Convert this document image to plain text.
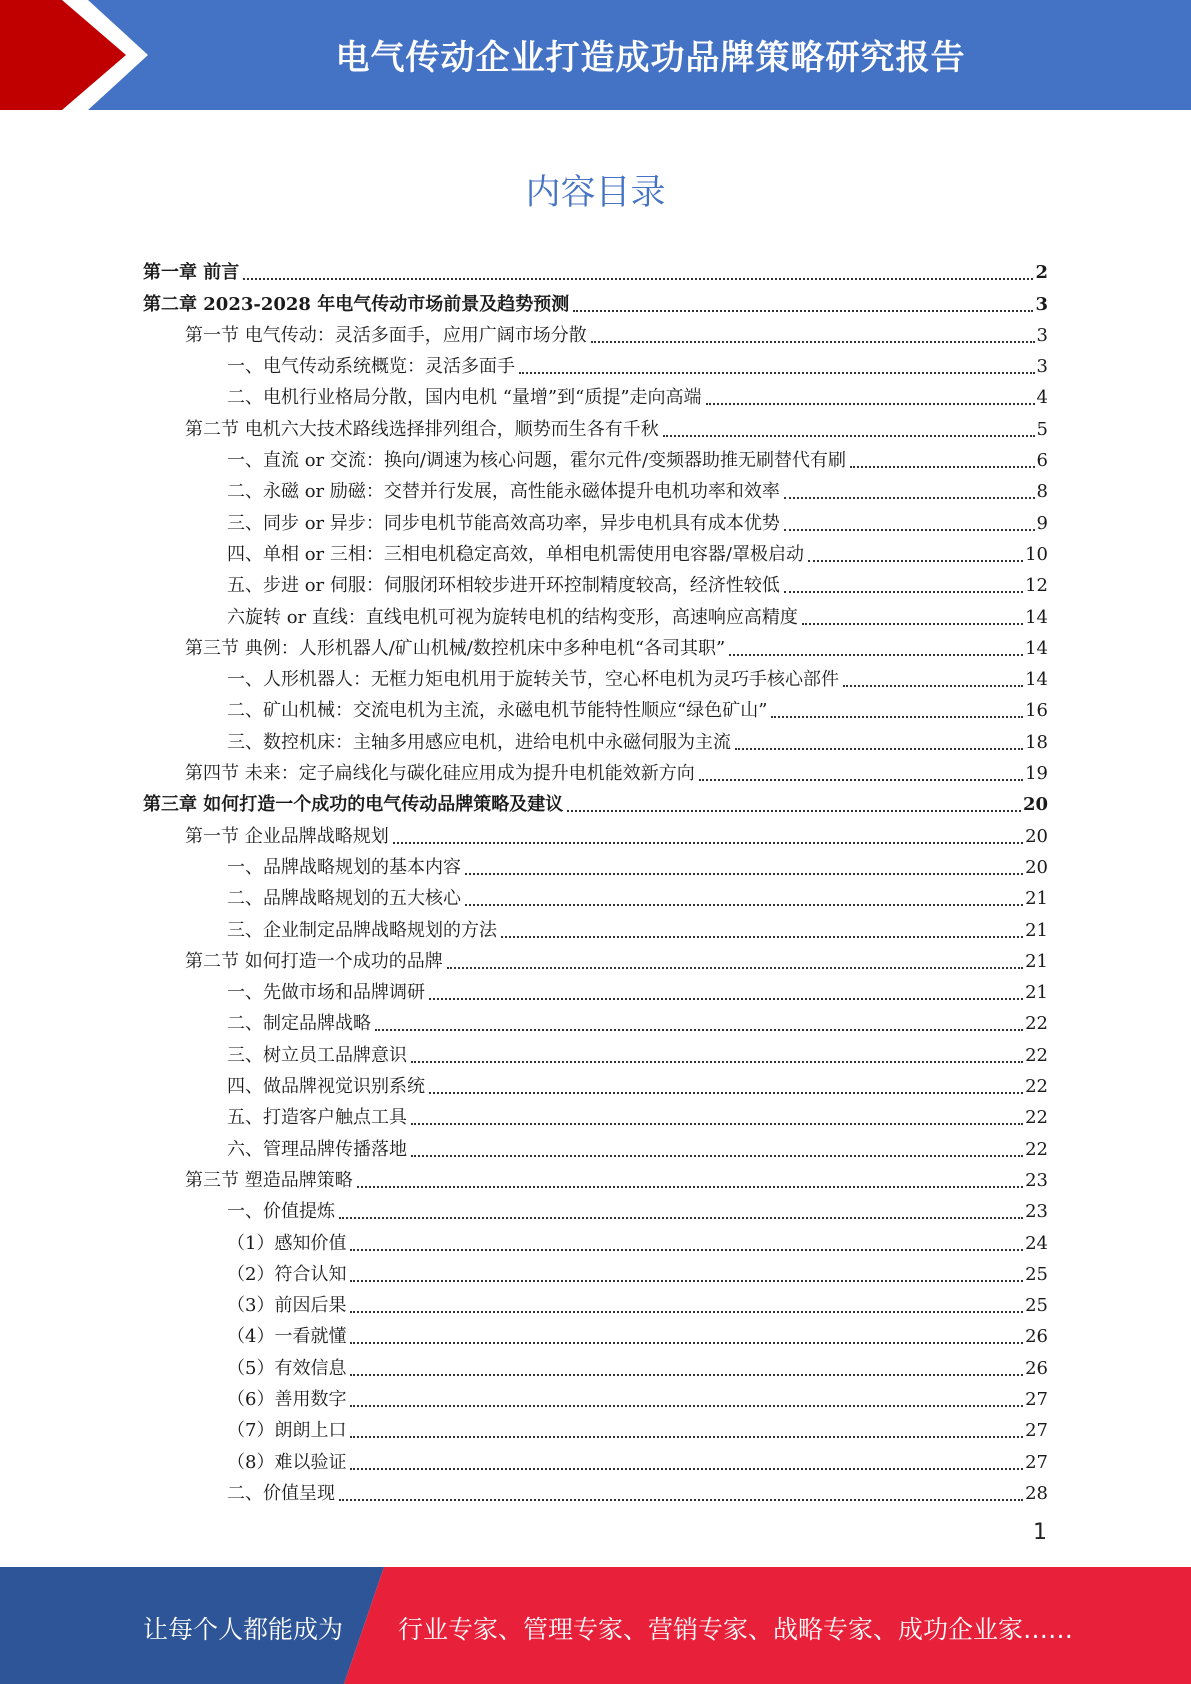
电气传动企业打造成功品牌策略研究报告
内容目录
第一章 前言	2
第二章 2023-2028 年电气传动市场前景及趋势预测	3
第一节 电气传动：灵活多面手，应用广阔市场分散	3
一、电气传动系统概览：灵活多面手	3
二、电机行业格局分散，国内电机 “量增”到“质提”走向高端	4
第二节 电机六大技术路线选择排列组合，顺势而生各有千秋	5
一、直流 or 交流：换向/调速为核心问题，霍尔元件/变频器助推无刷替代有刷	6
二、永磁 or 励磁：交替并行发展，高性能永磁体提升电机功率和效率	8
三、同步 or 异步：同步电机节能高效高功率，异步电机具有成本优势	9
四、单相 or 三相：三相电机稳定高效，单相电机需使用电容器/罩极启动	10
五、步进 or 伺服：伺服闭环相较步进开环控制精度较高，经济性较低	12
六旋转 or 直线：直线电机可视为旋转电机的结构变形，高速响应高精度	14
第三节 典例：人形机器人/矿山机械/数控机床中多种电机“各司其职”	14
一、人形机器人：无框力矩电机用于旋转关节，空心杯电机为灵巧手核心部件	14
二、矿山机械：交流电机为主流，永磁电机节能特性顺应“绿色矿山”	16
三、数控机床：主轴多用感应电机，进给电机中永磁伺服为主流	18
第四节 未来：定子扁线化与碳化硅应用成为提升电机能效新方向	19
第三章 如何打造一个成功的电气传动品牌策略及建议	20
第一节 企业品牌战略规划	20
一、品牌战略规划的基本内容	20
二、品牌战略规划的五大核心	21
三、企业制定品牌战略规划的方法	21
第二节 如何打造一个成功的品牌	21
一、先做市场和品牌调研	21
二、制定品牌战略	22
三、树立员工品牌意识	22
四、做品牌视觉识别系统	22
五、打造客户触点工具	22
六、管理品牌传播落地	22
第三节 塑造品牌策略	23
一、价值提炼	23
（1）感知价值	24
（2）符合认知	25
（3）前因后果	25
（4）一看就懂	26
（5）有效信息	26
（6）善用数字	27
（7）朗朗上口	27
（8）难以验证	27
二、价值呈现	28
1
让每个人都能成为 行业专家、管理专家、营销专家、战略专家、成功企业家……
